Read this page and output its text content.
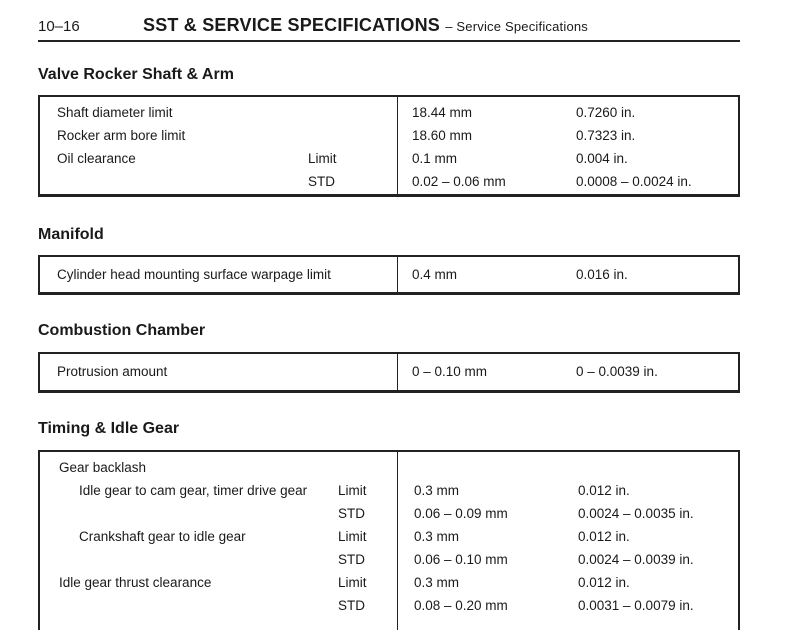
10–16	SST & SERVICE SPECIFICATIONS – Service Specifications
Valve Rocker Shaft & Arm
Shaft diameter limit	18.44 mm	0.7260 in.
Rocker arm bore limit	18.60 mm	0.7323 in.
Oil clearance	Limit	0.1 mm	0.004 in.
STD	0.02 – 0.06 mm	0.0008 – 0.0024 in.
Manifold
Cylinder head mounting surface warpage limit	0.4 mm	0.016 in.
Combustion Chamber
Protrusion amount	0 – 0.10 mm	0 – 0.0039 in.
Timing & Idle Gear
Gear backlash
Idle gear to cam gear, timer drive gear Limit	0.3 mm	0.012 in.
STD	0.06 – 0.09 mm	0.0024 – 0.0035 in.
Crankshaft gear to idle gear	Limit	0.3 mm	0.012 in.
STD	0.06 – 0.10 mm	0.0024 – 0.0039 in.
Idle gear thrust clearance	Limit	0.3 mm	0.012 in.
STD	0.08 – 0.20 mm	0.0031 – 0.0079 in.
